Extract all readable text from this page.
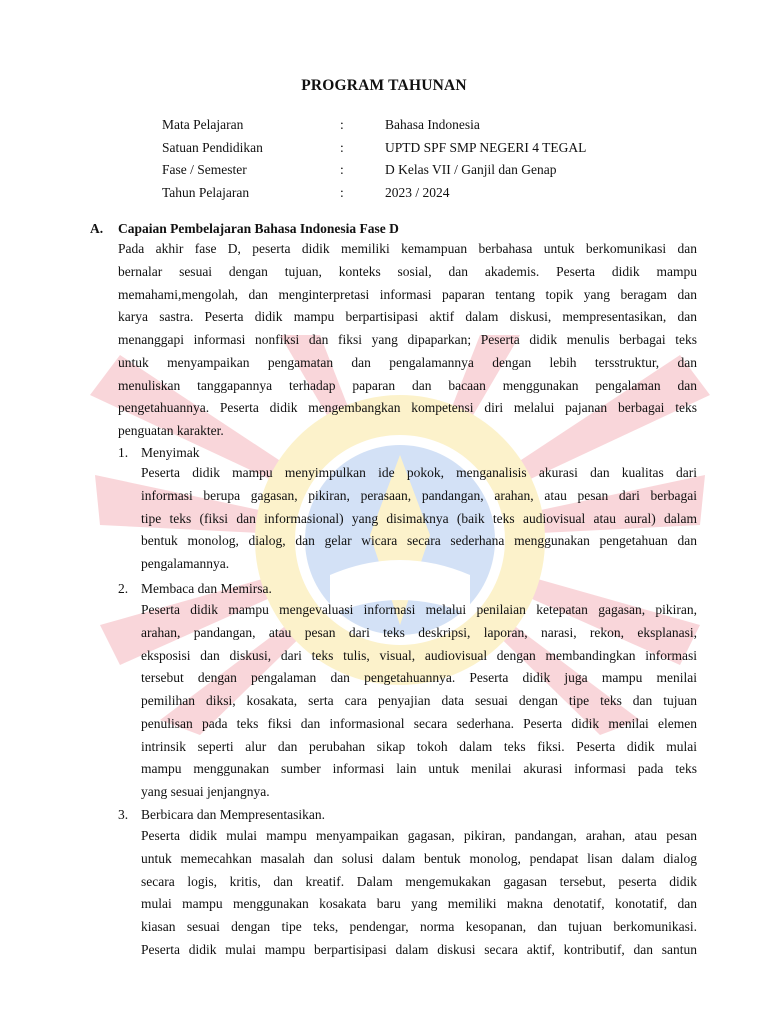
PROGRAM TAHUNAN
Mata Pelajaran	:	Bahasa Indonesia
Satuan Pendidikan	:	UPTD SPF SMP NEGERI 4 TEGAL
Fase / Semester	:	D Kelas VII / Ganjil dan Genap
Tahun Pelajaran	:	2023 / 2024
A. Capaian Pembelajaran Bahasa Indonesia Fase D
Pada akhir fase D, peserta didik memiliki kemampuan berbahasa untuk berkomunikasi dan
bernalar sesuai dengan tujuan, konteks sosial, dan akademis. Peserta didik mampu
memahami,mengolah, dan menginterpretasi informasi paparan tentang topik yang beragam dan
karya sastra. Peserta didik mampu berpartisipasi aktif dalam diskusi, mempresentasikan, dan
menanggapi informasi nonfiksi dan fiksi yang dipaparkan; Peserta didik menulis berbagai teks
untuk menyampaikan pengamatan dan pengalamannya dengan lebih tersstruktur, dan
menuliskan tanggapannya terhadap paparan dan bacaan menggunakan pengalaman dan
pengetahuannya. Peserta didik mengembangkan kompetensi diri melalui pajanan berbagai teks
penguatan karakter.
1. Menyimak
Peserta didik mampu menyimpulkan ide pokok, menganalisis akurasi dan kualitas dari
informasi berupa gagasan, pikiran, perasaan, pandangan, arahan, atau pesan dari berbagai
tipe teks (fiksi dan informasional) yang disimaknya (baik teks audiovisual atau aural) dalam
bentuk monolog, dialog, dan gelar wicara secara sederhana menggunakan pengetahuan dan
pengalamannya.
2. Membaca dan Memirsa.
Peserta didik mampu mengevaluasi informasi melalui penilaian ketepatan gagasan, pikiran,
arahan, pandangan, atau pesan dari teks deskripsi, laporan, narasi, rekon, eksplanasi,
eksposisi dan diskusi, dari teks tulis, visual, audiovisual dengan membandingkan informasi
tersebut dengan pengalaman dan pengetahuannya. Peserta didik juga mampu menilai
pemilihan diksi, kosakata, serta cara penyajian data sesuai dengan tipe teks dan tujuan
penulisan pada teks fiksi dan informasional secara sederhana. Peserta didik menilai elemen
intrinsik seperti alur dan perubahan sikap tokoh dalam teks fiksi. Peserta didik mulai
mampu menggunakan sumber informasi lain untuk menilai akurasi informasi pada teks
yang sesuai jenjangnya.
3. Berbicara dan Mempresentasikan.
Peserta didik mulai mampu menyampaikan gagasan, pikiran, pandangan, arahan, atau pesan
untuk memecahkan masalah dan solusi dalam bentuk monolog, pendapat lisan dalam dialog
secara logis, kritis, dan kreatif. Dalam mengemukakan gagasan tersebut, peserta didik
mulai mampu menggunakan kosakata baru yang memiliki makna denotatif, konotatif, dan
kiasan sesuai dengan tipe teks, pendengar, norma kesopanan, dan tujuan berkomunikasi.
Peserta didik mulai mampu berpartisipasi dalam diskusi secara aktif, kontributif, dan santun
